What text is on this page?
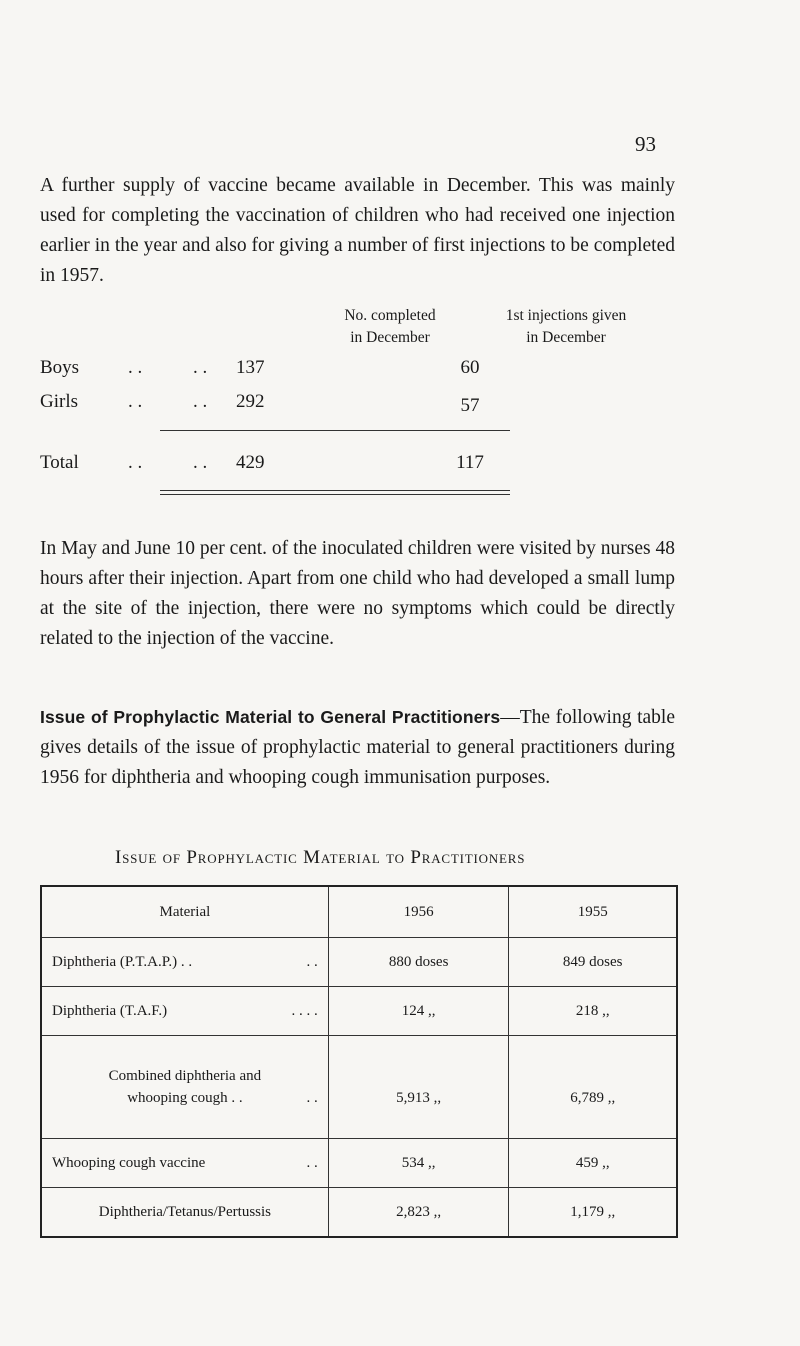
93

A further supply of vaccine became available in December. This was mainly used for completing the vaccination of children who had received one injection earlier in the year and also for giving a number of first injections to be completed in 1957.

No. completed
in December
1st injections given
in December
Boys	. .	. . 137	60
Girls	. .	. . 292	57
Total	. .	. . 429	117

In May and June 10 per cent. of the inoculated children were visited by nurses 48 hours after their injection. Apart from one child who had developed a small lump at the site of the injection, there were no symptoms which could be directly related to the injection of the vaccine.

Issue of Prophylactic Material to General Practitioners—The following table gives details of the issue of prophylactic material to general practitioners during 1956 for diphtheria and whooping cough immunisation purposes.

Issue of Prophylactic Material to Practitioners
Material	1956	1955
Diphtheria (P.T.A.P.) . . . .	880 doses	849 doses
Diphtheria (T.A.F.) . . . .	124 ,,	218 ,,

Combined diphtheria and
whooping cough . . . .	5,913 ,,	6,789 ,,
Whooping cough vaccine . .	534 ,,	459 ,,
Diphtheria/Tetanus/Pertussis	2,823 ,,	1,179 ,,
